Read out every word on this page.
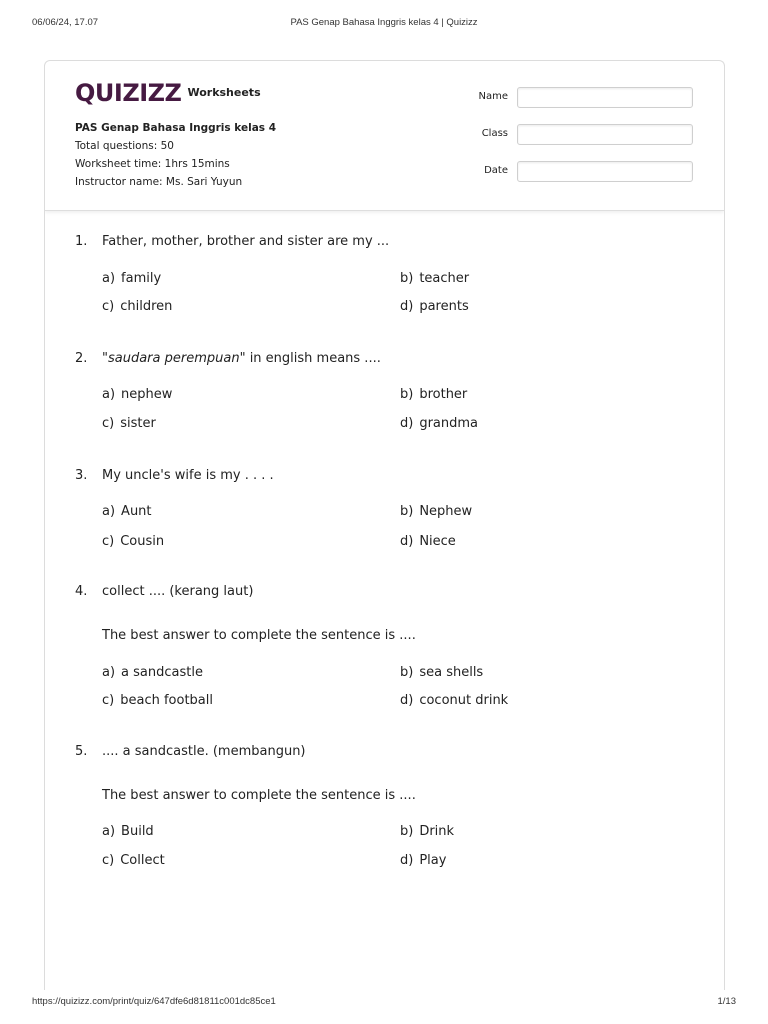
06/06/24, 17.07	PAS Genap Bahasa Inggris kelas 4 | Quizizz
QUIZIZZ Worksheets
PAS Genap Bahasa Inggris kelas 4
Total questions: 50
Worksheet time: 1hrs 15mins
Instructor name: Ms. Sari Yuyun
Name
Class
Date
1. Father, mother, brother and sister are my ...
a) family	b) teacher
c) children	d) parents
2. "saudara perempuan" in english means ....
a) nephew	b) brother
c) sister	d) grandma
3. My uncle's wife is my . . . .
a) Aunt	b) Nephew
c) Cousin	d) Niece
4. collect .... (kerang laut)
The best answer to complete the sentence is ....
a) a sandcastle	b) sea shells
c) beach football	d) coconut drink
5. .... a sandcastle. (membangun)
The best answer to complete the sentence is ....
a) Build	b) Drink
c) Collect	d) Play
https://quizizz.com/print/quiz/647dfe6d81811c001dc85ce1	1/13
